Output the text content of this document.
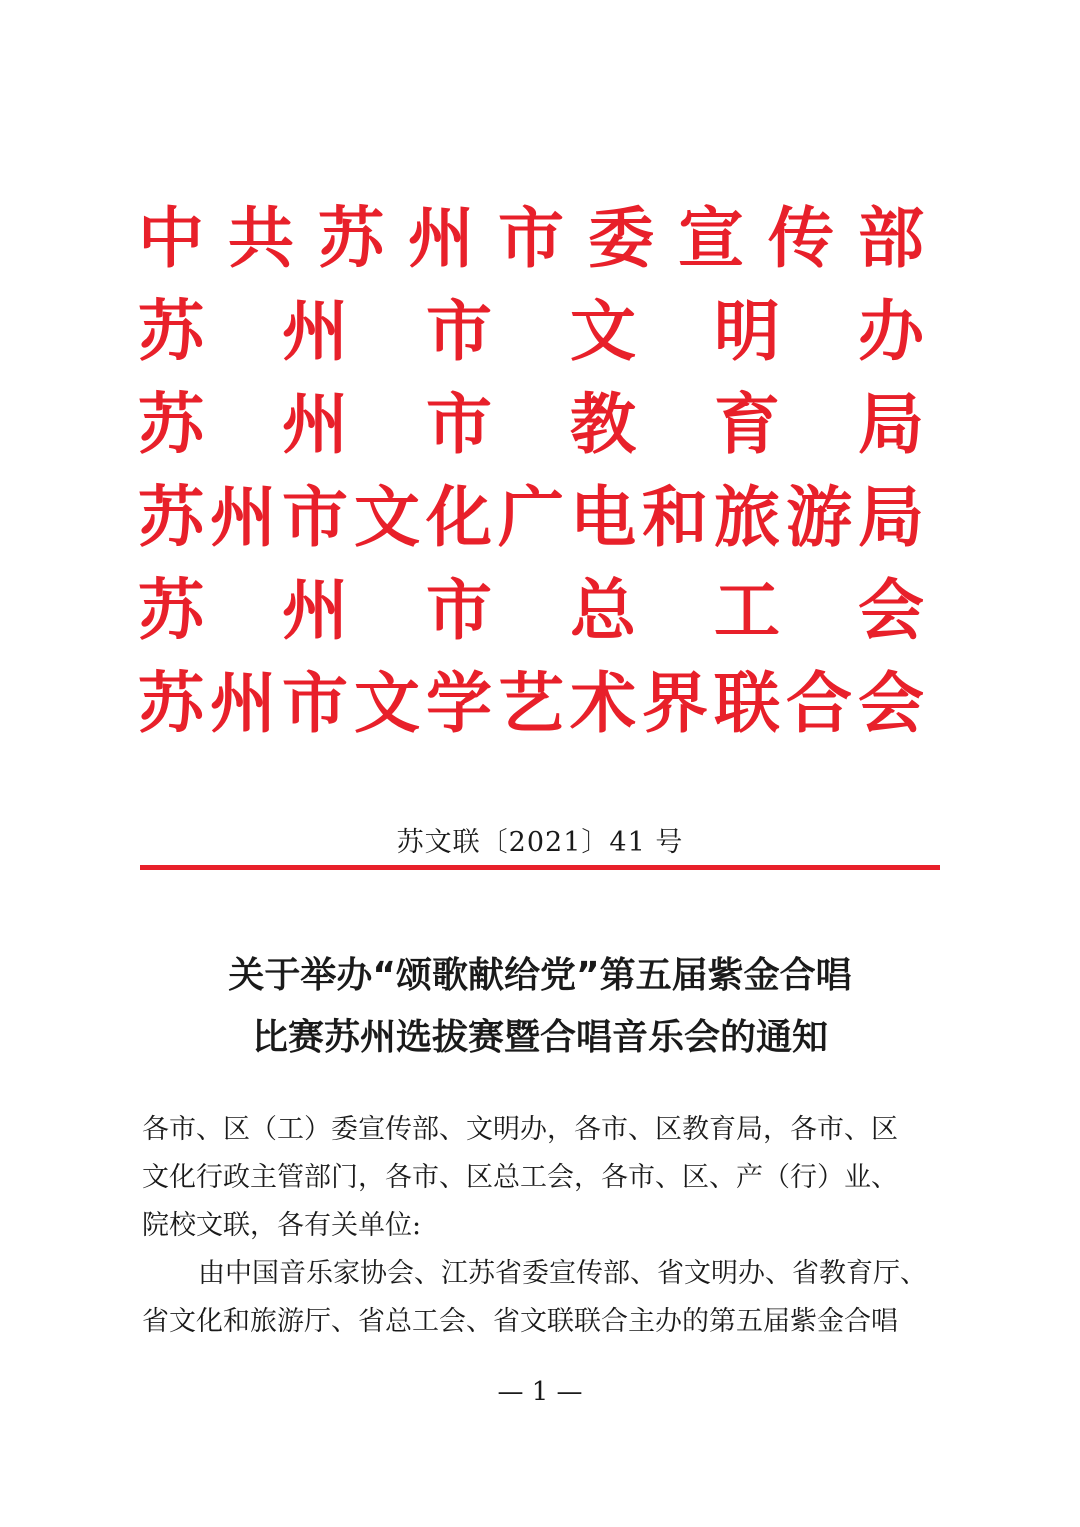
中 共 苏 州 市 委 宣 传 部
苏 州 市 文 明 办
苏 州 市 教 育 局
苏 州 市 文 化 广 电 和 旅 游 局
苏 州 市 总 工 会
苏 州 市 文 学 艺 术 界 联 合 会
苏文联〔2021〕41 号
关于举办“颂歌献给党”第五届紫金合唱
比赛苏州选拔赛暨合唱音乐会的通知

各市、区（工）委宣传部、文明办，各市、区教育局，各市、区

文化行政主管部门，各市、区总工会，各市、区、产（行）业、

院校文联，各有关单位:

由中国音乐家协会、江苏省委宣传部、省文明办、省教育厅、

省文化和旅游厅、省总工会、省文联联合主办的第五届紫金合唱

— 1 —
